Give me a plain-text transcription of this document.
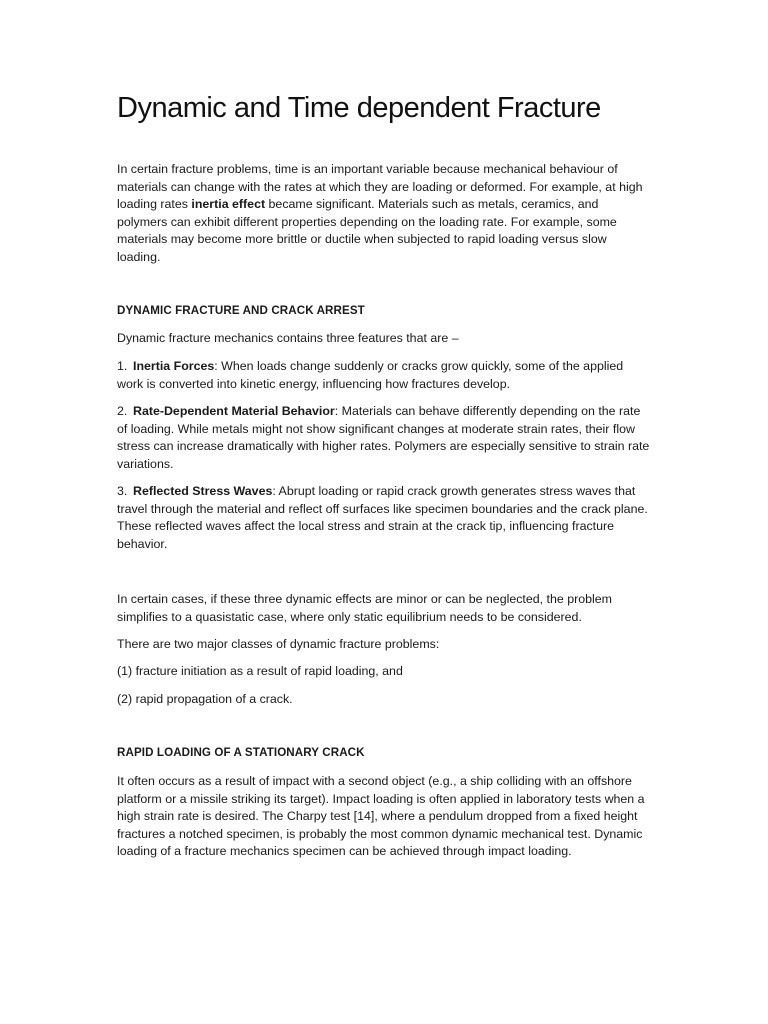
Dynamic and Time dependent Fracture

In certain fracture problems, time is an important variable because mechanical behaviour of materials can change with the rates at which they are loading or deformed. For example, at high loading rates inertia effect became significant. Materials such as metals, ceramics, and polymers can exhibit different properties depending on the loading rate. For example, some materials may become more brittle or ductile when subjected to rapid loading versus slow loading.

DYNAMIC FRACTURE AND CRACK ARREST

Dynamic fracture mechanics contains three features that are –

1. Inertia Forces: When loads change suddenly or cracks grow quickly, some of the applied work is converted into kinetic energy, influencing how fractures develop.

2. Rate-Dependent Material Behavior: Materials can behave differently depending on the rate of loading. While metals might not show significant changes at moderate strain rates, their flow stress can increase dramatically with higher rates. Polymers are especially sensitive to strain rate variations.

3. Reflected Stress Waves: Abrupt loading or rapid crack growth generates stress waves that travel through the material and reflect off surfaces like specimen boundaries and the crack plane. These reflected waves affect the local stress and strain at the crack tip, influencing fracture behavior.

In certain cases, if these three dynamic effects are minor or can be neglected, the problem simplifies to a quasistatic case, where only static equilibrium needs to be considered.

There are two major classes of dynamic fracture problems:

(1) fracture initiation as a result of rapid loading, and

(2) rapid propagation of a crack.

RAPID LOADING OF A STATIONARY CRACK

It often occurs as a result of impact with a second object (e.g., a ship colliding with an offshore platform or a missile striking its target). Impact loading is often applied in laboratory tests when a high strain rate is desired. The Charpy test [14], where a pendulum dropped from a fixed height fractures a notched specimen, is probably the most common dynamic mechanical test. Dynamic loading of a fracture mechanics specimen can be achieved through impact loading.
